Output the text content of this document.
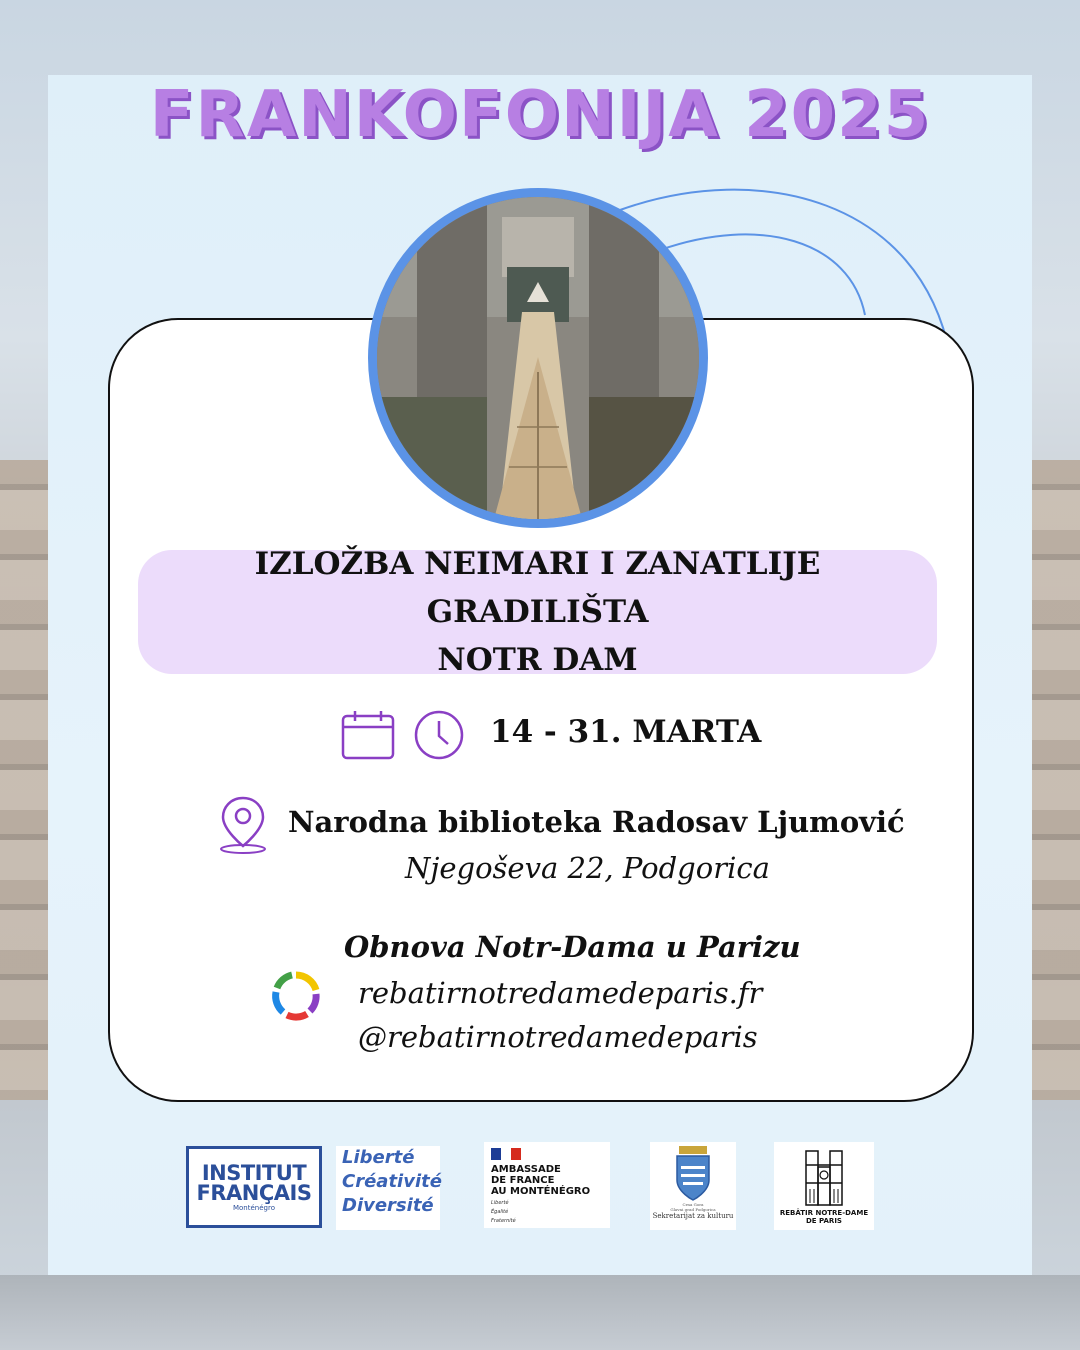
FRANKOFONIJA 2025
IZLOŽBA NEIMARI I ZANATLIJE GRADILIŠTA
NOTR DAM
14 - 31. MARTA
Narodna biblioteka Radosav Ljumović
Njegoševa 22, Podgorica
Obnova Notr-Dama u Parizu
rebatirnotredamedeparis.fr
@rebatirnotredamedeparis
INSTITUT
FRANÇAIS
Monténégro
Liberté
Créativité
Diversité
AMBASSADE
DE FRANCE
AU MONTÉNÉGRO
Liberté
Égalité
Fraternité
Crna Gora
Glavni grad Podgorica
Sekretarijat za kulturu	REBÂTIR NOTRE-DAME DE PARIS
